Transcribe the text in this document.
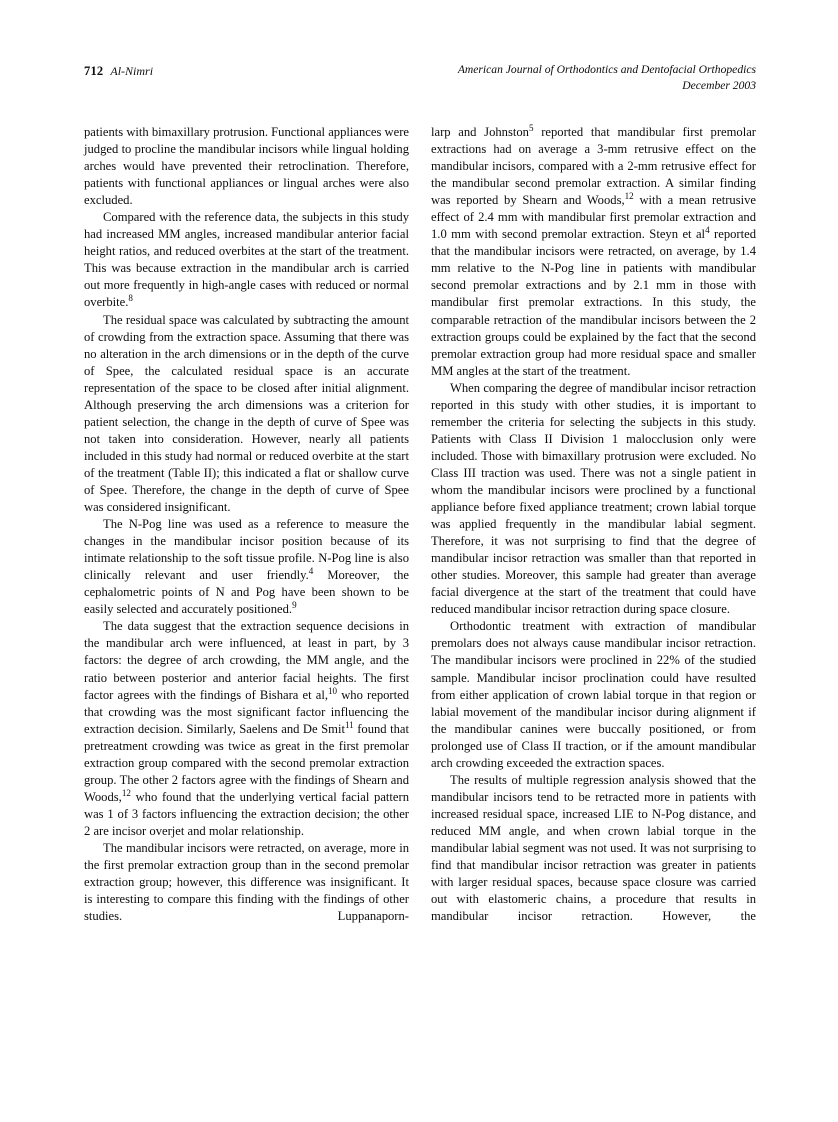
712 Al-Nimri	American Journal of Orthodontics and Dentofacial Orthopedics
December 2003

patients with bimaxillary protrusion. Functional appliances were judged to procline the mandibular incisors while lingual holding arches would have prevented their retroclination. Therefore, patients with functional appliances or lingual arches were also excluded.

Compared with the reference data, the subjects in this study had increased MM angles, increased mandibular anterior facial height ratios, and reduced overbites at the start of the treatment. This was because extraction in the mandibular arch is carried out more frequently in high-angle cases with reduced or normal overbite.$^8$

The residual space was calculated by subtracting the amount of crowding from the extraction space. Assuming that there was no alteration in the arch dimensions or in the depth of the curve of Spee, the calculated residual space is an accurate representation of the space to be closed after initial alignment. Although preserving the arch dimensions was a criterion for patient selection, the change in the depth of curve of Spee was not taken into consideration. However, nearly all patients included in this study had normal or reduced overbite at the start of the treatment (Table II); this indicated a flat or shallow curve of Spee. Therefore, the change in the depth of curve of Spee was considered insignificant.

The N-Pog line was used as a reference to measure the changes in the mandibular incisor position because of its intimate relationship to the soft tissue profile. N-Pog line is also clinically relevant and user friendly.$^4$ Moreover, the cephalometric points of N and Pog have been shown to be easily selected and accurately positioned.$^9$

The data suggest that the extraction sequence decisions in the mandibular arch were influenced, at least in part, by 3 factors: the degree of arch crowding, the MM angle, and the ratio between posterior and anterior facial heights. The first factor agrees with the findings of Bishara et al,$^{10}$ who reported that crowding was the most significant factor influencing the extraction decision. Similarly, Saelens and De Smit$^{11}$ found that pretreatment crowding was twice as great in the first premolar extraction group compared with the second premolar extraction group. The other 2 factors agree with the findings of Shearn and Woods,$^{12}$ who found that the underlying vertical facial pattern was 1 of 3 factors influencing the extraction decision; the other 2 are incisor overjet and molar relationship.

The mandibular incisors were retracted, on average, more in the first premolar extraction group than in the second premolar extraction group; however, this difference was insignificant. It is interesting to compare this finding with the findings of other studies. Luppanaporn-

larp and Johnston$^5$ reported that mandibular first premolar extractions had on average a 3-mm retrusive effect on the mandibular incisors, compared with a 2-mm retrusive effect for the mandibular second premolar extraction. A similar finding was reported by Shearn and Woods,$^{12}$ with a mean retrusive effect of 2.4 mm with mandibular first premolar extraction and 1.0 mm with second premolar extraction. Steyn et $al^4$ reported that the mandibular incisors were retracted, on average, by 1.4 mm relative to the N-Pog line in patients with mandibular second premolar extractions and by 2.1 mm in those with mandibular first premolar extractions. In this study, the comparable retraction of the mandibular incisors between the 2 extraction groups could be explained by the fact that the second premolar extraction group had more residual space and smaller MM angles at the start of the treatment.

When comparing the degree of mandibular incisor retraction reported in this study with other studies, it is important to remember the criteria for selecting the subjects in this study. Patients with Class II Division 1 malocclusion only were included. Those with bimaxillary protrusion were excluded. No Class III traction was used. There was not a single patient in whom the mandibular incisors were proclined by a functional appliance before fixed appliance treatment; crown labial torque was applied frequently in the mandibular labial segment. Therefore, it was not surprising to find that the degree of mandibular incisor retraction was smaller than that reported in other studies. Moreover, this sample had greater than average facial divergence at the start of the treatment that could have reduced mandibular incisor retraction during space closure.

Orthodontic treatment with extraction of mandibular premolars does not always cause mandibular incisor retraction. The mandibular incisors were proclined in 22% of the studied sample. Mandibular incisor proclination could have resulted from either application of crown labial torque in that region or labial movement of the mandibular incisor during alignment if the mandibular canines were buccally positioned, or from prolonged use of Class II traction, or if the amount mandibular arch crowding exceeded the extraction spaces.

The results of multiple regression analysis showed that the mandibular incisors tend to be retracted more in patients with increased residual space, increased LIE to N-Pog distance, and reduced MM angle, and when crown labial torque in the mandibular labial segment was not used. It was not surprising to find that mandibular incisor retraction was greater in patients with larger residual spaces, because space closure was carried out with elastomeric chains, a procedure that results in mandibular incisor retraction. However, the
